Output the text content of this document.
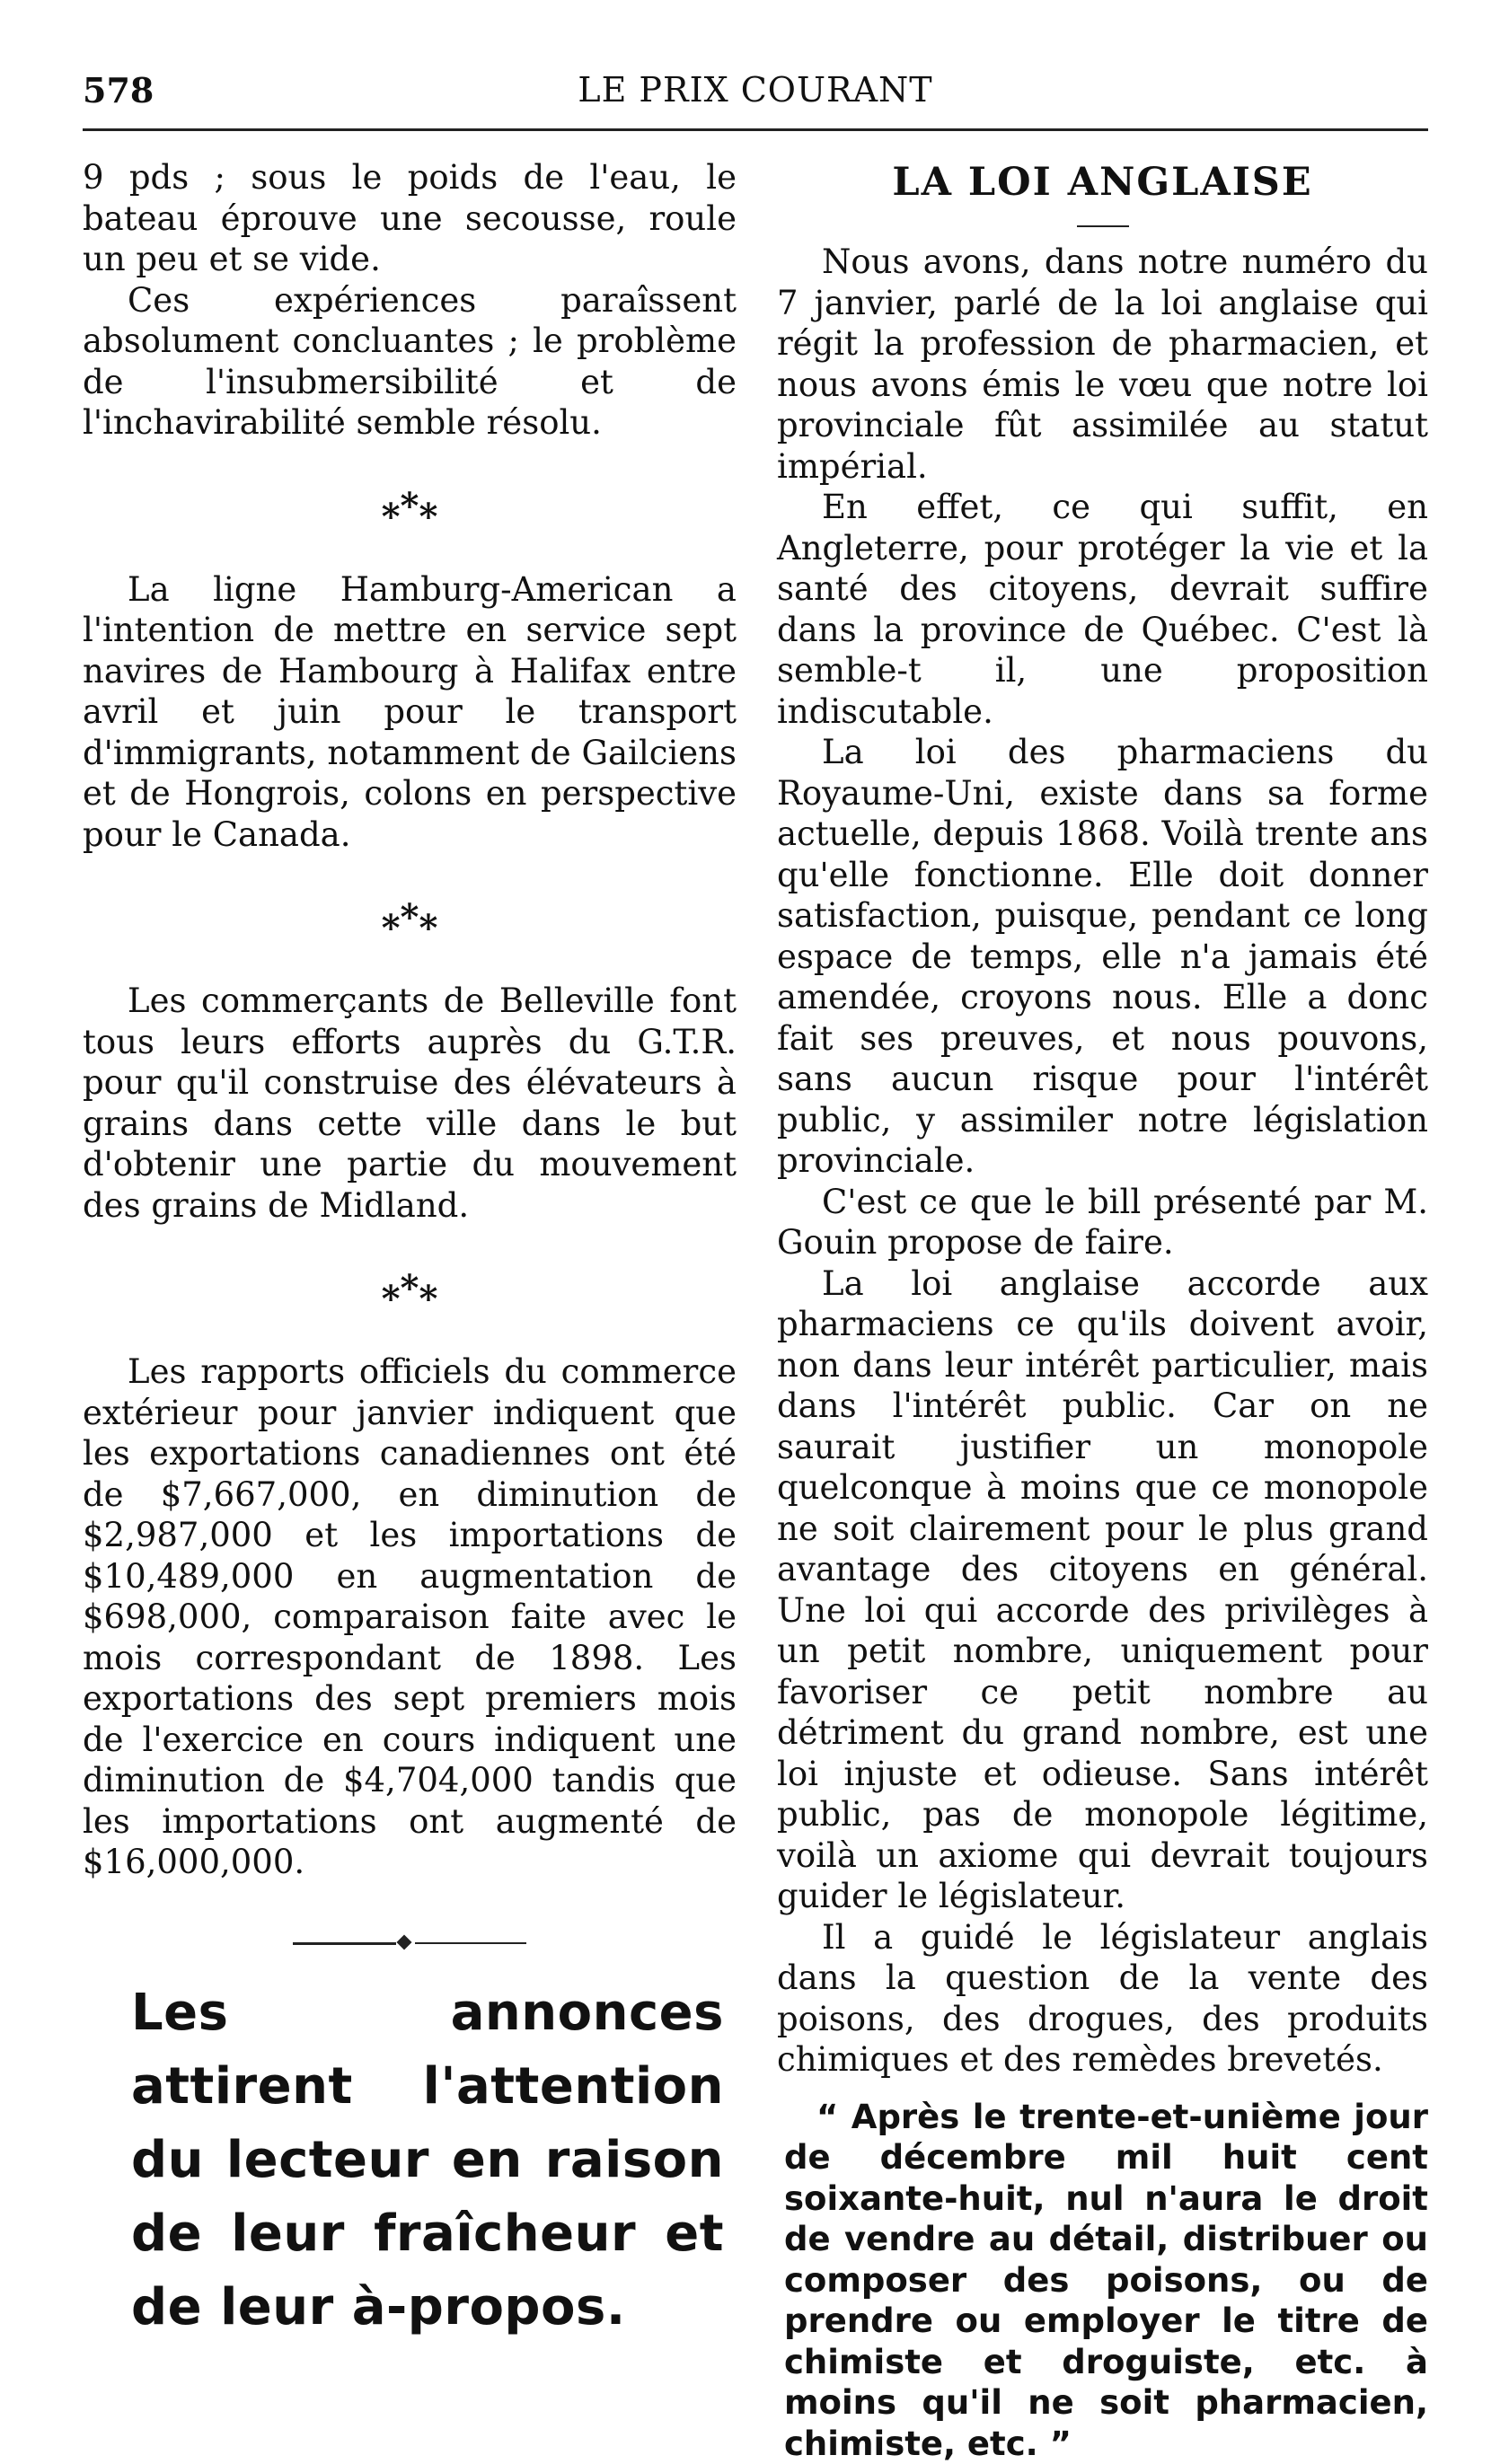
578	LE PRIX COURANT

9 pds ; sous le poids de l'eau, le bateau éprouve une secousse, roule un peu et se vide.

Ces expériences paraîssent absolument concluantes ; le problème de l'insubmersibilité et de l'inchavirabilité semble résolu.

***

La ligne Hamburg-American a l'intention de mettre en service sept navires de Hambourg à Halifax entre avril et juin pour le transport d'immigrants, notamment de Gailciens et de Hongrois, colons en perspective pour le Canada.

***

Les commerçants de Belleville font tous leurs efforts auprès du G.T.R. pour qu'il construise des élévateurs à grains dans cette ville dans le but d'obtenir une partie du mouvement des grains de Midland.

***

Les rapports officiels du commerce extérieur pour janvier indiquent que les exportations canadiennes ont été de $7,667,000, en diminution de $2,987,000 et les importations de $10,489,000 en augmentation de $698,000, comparaison faite avec le mois correspondant de 1898. Les exportations des sept premiers mois de l'exercice en cours indiquent une diminution de $4,704,000 tandis que les importations ont augmenté de $16,000,000.

Les annonces attirent l'attention du lecteur en raison de leur fraîcheur et de leur à-propos.
LA LOI ANGLAISE

Nous avons, dans notre numéro du 7 janvier, parlé de la loi anglaise qui régit la profession de pharmacien, et nous avons émis le vœu que notre loi provinciale fût assimilée au statut impérial.

En effet, ce qui suffit, en Angleterre, pour protéger la vie et la santé des citoyens, devrait suffire dans la province de Québec. C'est là semble-t il, une proposition indiscutable.

La loi des pharmaciens du Royaume-Uni, existe dans sa forme actuelle, depuis 1868. Voilà trente ans qu'elle fonctionne. Elle doit donner satisfaction, puisque, pendant ce long espace de temps, elle n'a jamais été amendée, croyons nous. Elle a donc fait ses preuves, et nous pouvons, sans aucun risque pour l'intérêt public, y assimiler notre législation provinciale.

C'est ce que le bill présenté par M. Gouin propose de faire.

La loi anglaise accorde aux pharmaciens ce qu'ils doivent avoir, non dans leur intérêt particulier, mais dans l'intérêt public. Car on ne saurait justifier un monopole quelconque à moins que ce monopole ne soit clairement pour le plus grand avantage des citoyens en général. Une loi qui accorde des privilèges à un petit nombre, uniquement pour favoriser ce petit nombre au détriment du grand nombre, est une loi injuste et odieuse. Sans intérêt public, pas de monopole légitime, voilà un axiome qui devrait toujours guider le législateur.

Il a guidé le législateur anglais dans la question de la vente des poisons, des drogues, des produits chimiques et des remèdes brevetés.

“ Après le trente-et-unième jour de décembre mil huit cent soixante-huit, nul n'aura le droit de vendre au détail, distribuer ou composer des poisons, ou de prendre ou employer le titre de chimiste et droguiste, etc. à moins qu'il ne soit pharmacien, chimiste, etc. ”
